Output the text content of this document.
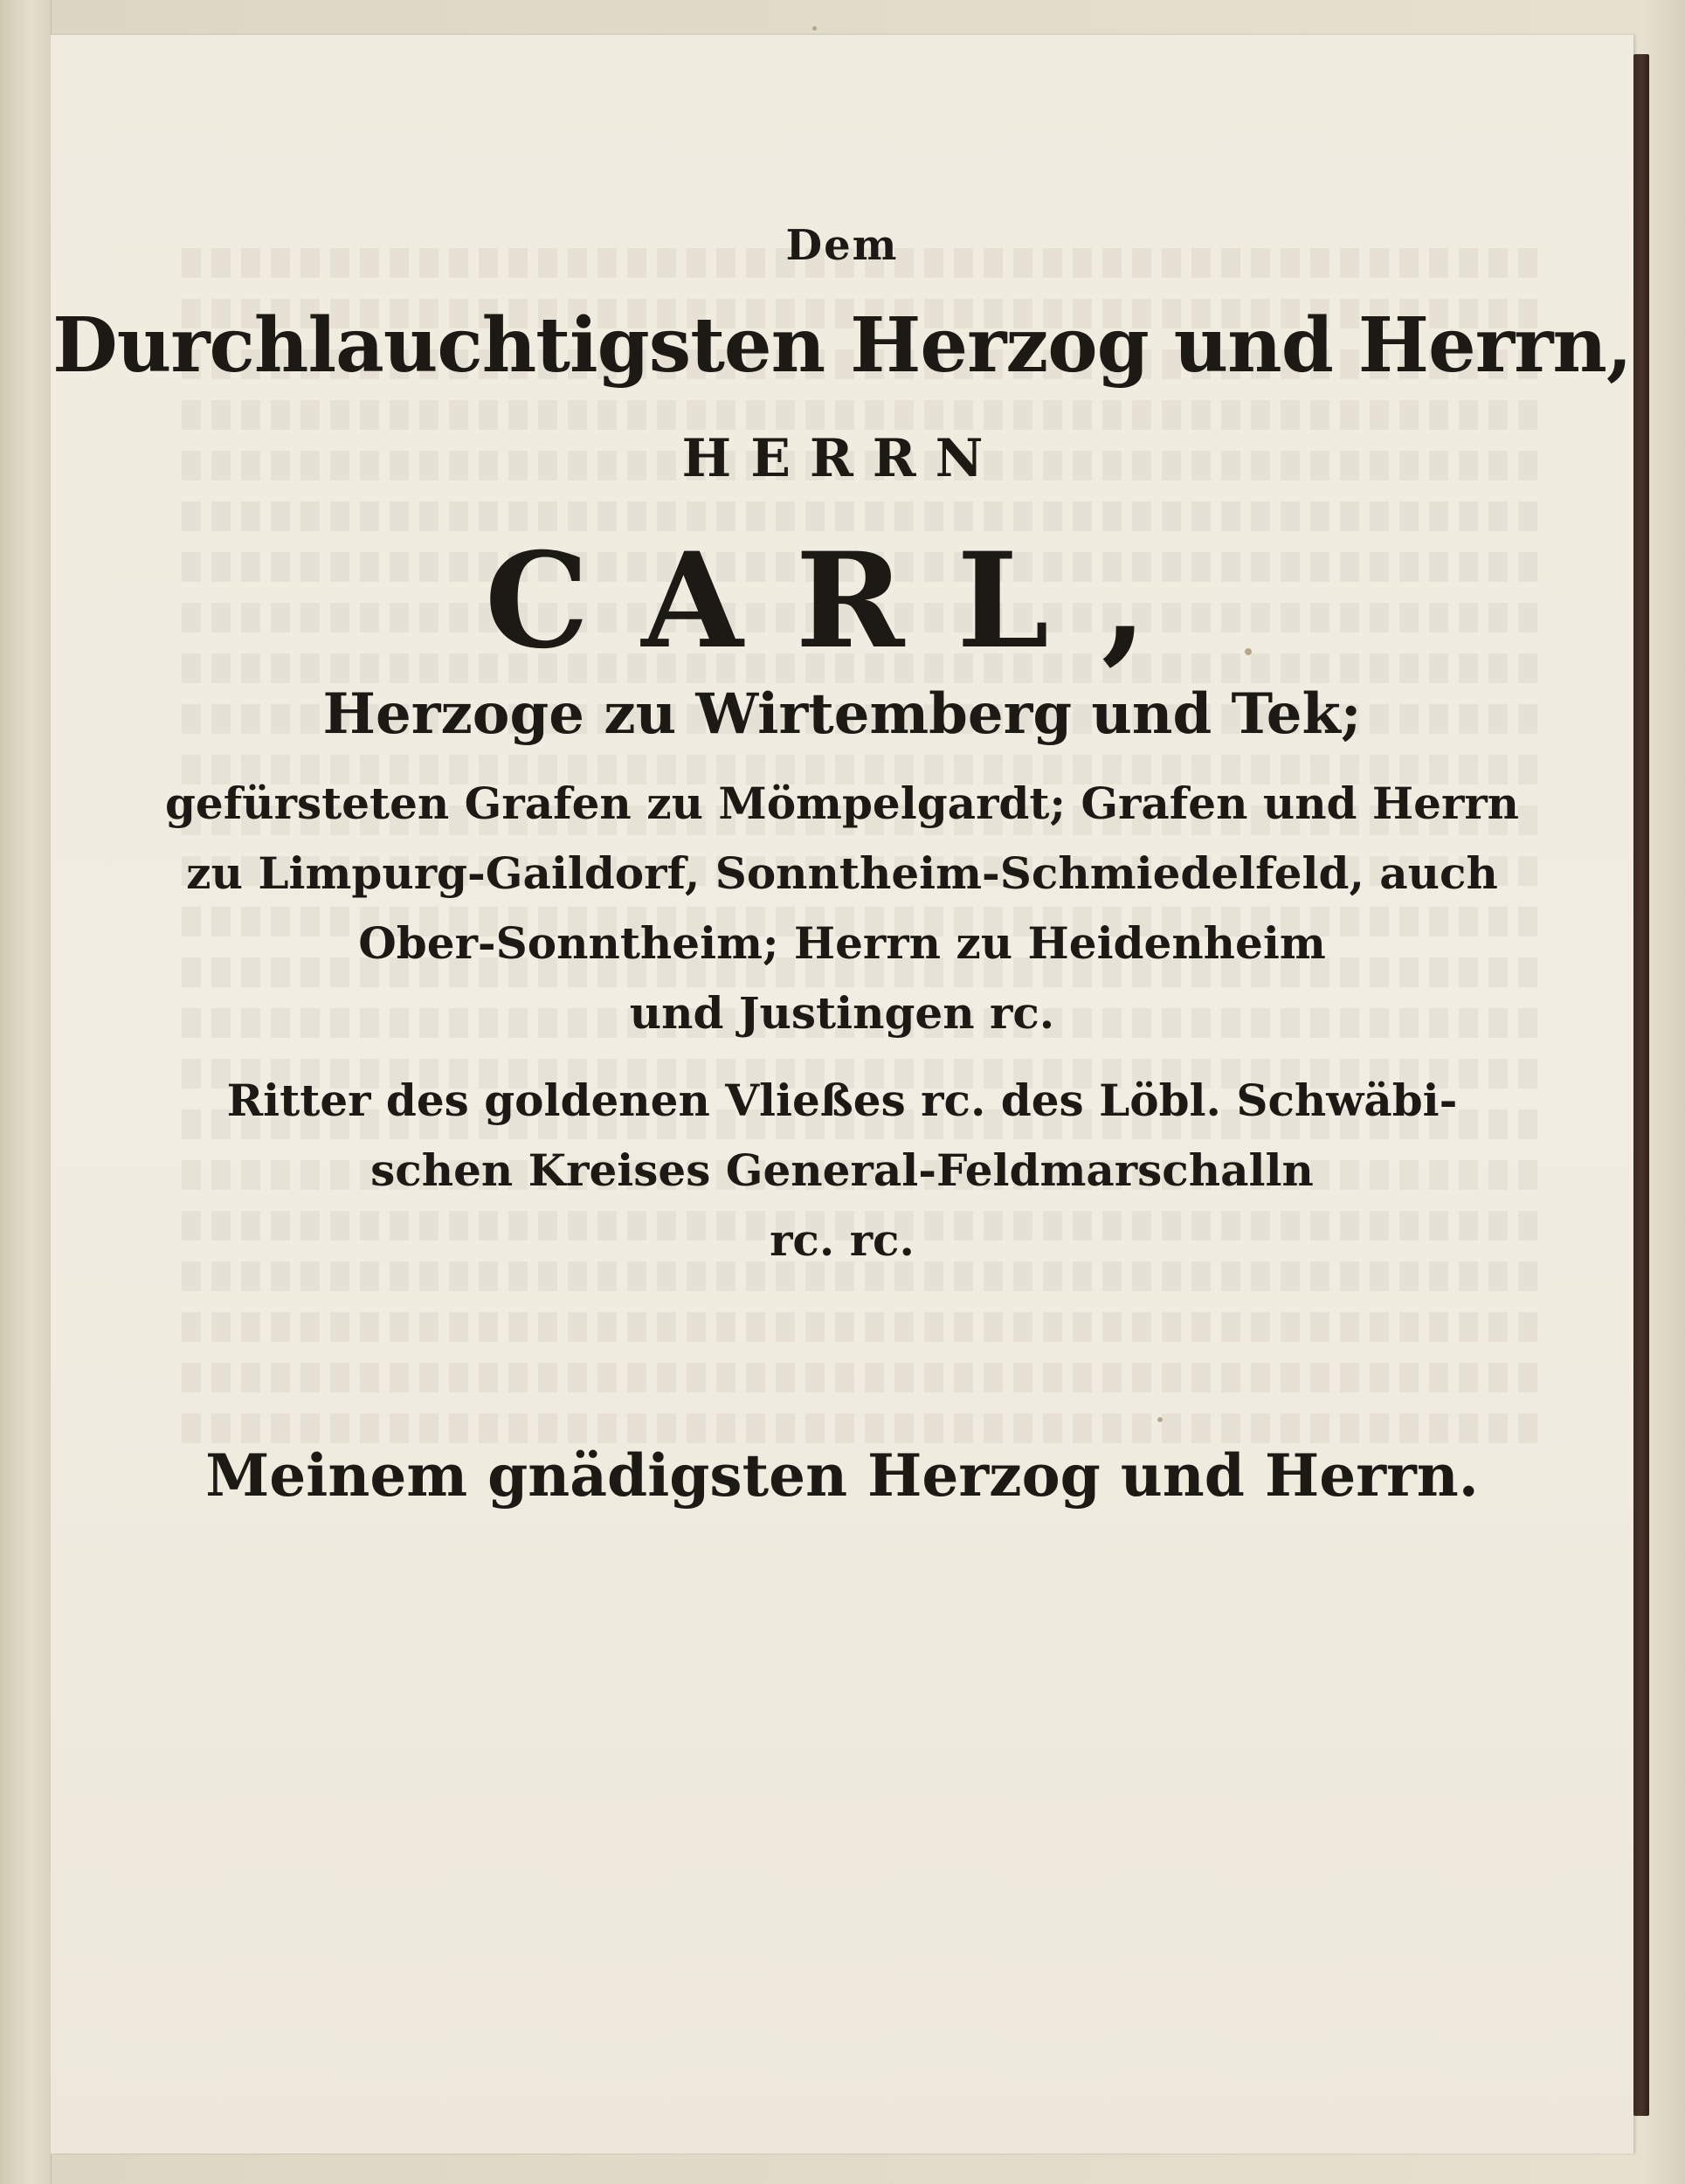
Dem
Durchlauchtigsten Herzog und Herrn,
HERRN
CARL,
Herzoge zu Wirtemberg und Tek;
gefürsteten Grafen zu Mömpelgardt; Grafen und Herrn
zu Limpurg-Gaildorf, Sonntheim-Schmiedelfeld, auch
Ober-Sonntheim; Herrn zu Heidenheim
und Justingen rc.
Ritter des goldenen Vließes rc. des Löbl. Schwäbi-
schen Kreises General-Feldmarschalln
rc. rc.
Meinem gnädigsten Herzog und Herrn.
